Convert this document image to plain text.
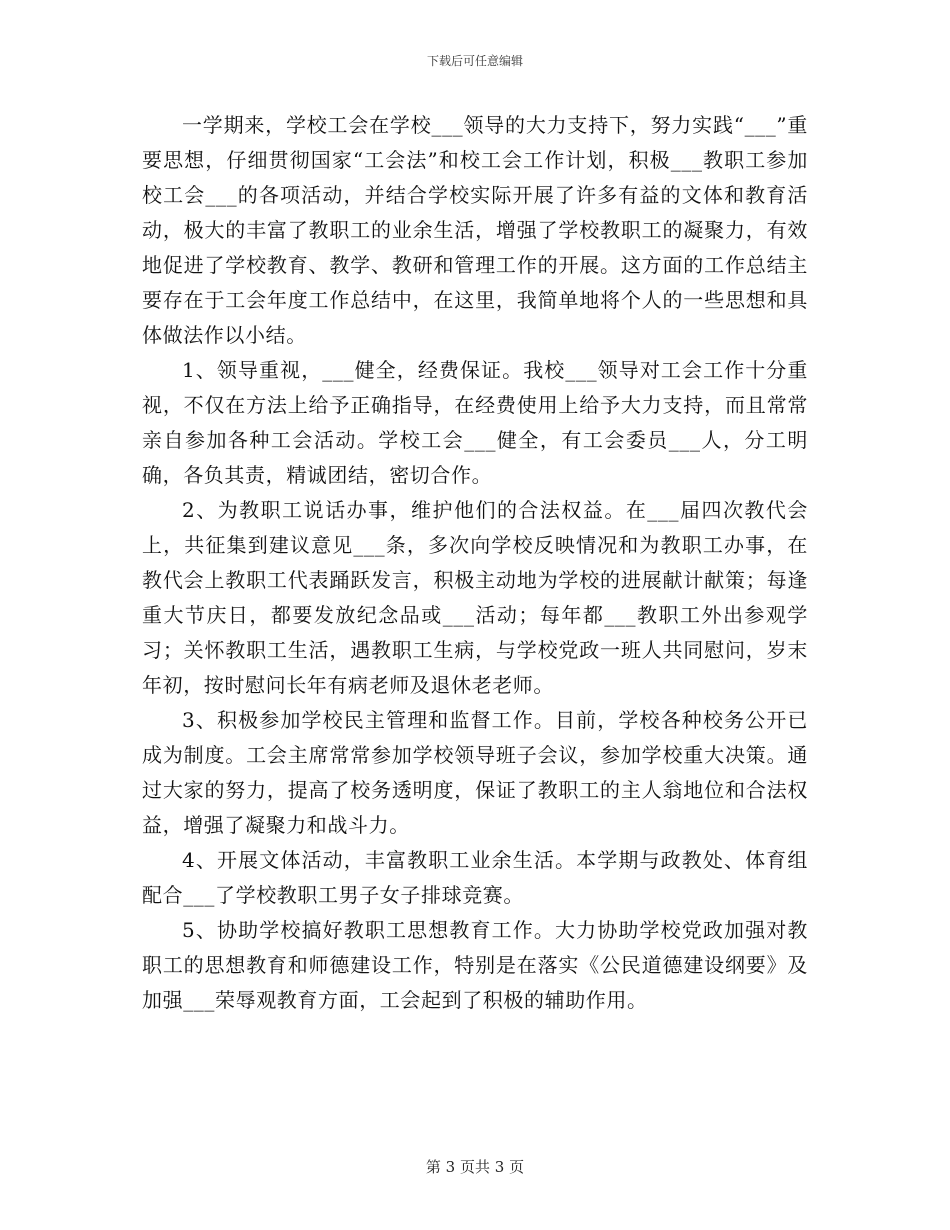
下载后可任意编辑

一学期来，学校工会在学校___领导的大力支持下，努力实践“___”重要思想，仔细贯彻国家“工会法”和校工会工作计划，积极___教职工参加校工会___的各项活动，并结合学校实际开展了许多有益的文体和教育活动，极大的丰富了教职工的业余生活，增强了学校教职工的凝聚力，有效地促进了学校教育、教学、教研和管理工作的开展。这方面的工作总结主要存在于工会年度工作总结中，在这里，我简单地将个人的一些思想和具体做法作以小结。

1、领导重视，___健全，经费保证。我校___领导对工会工作十分重视，不仅在方法上给予正确指导，在经费使用上给予大力支持，而且常常亲自参加各种工会活动。学校工会___健全，有工会委员___人，分工明确，各负其责，精诚团结，密切合作。

2、为教职工说话办事，维护他们的合法权益。在___届四次教代会上，共征集到建议意见___条，多次向学校反映情况和为教职工办事，在教代会上教职工代表踊跃发言，积极主动地为学校的进展献计献策；每逢重大节庆日，都要发放纪念品或___活动；每年都___教职工外出参观学习；关怀教职工生活，遇教职工生病，与学校党政一班人共同慰问，岁末年初，按时慰问长年有病老师及退休老老师。

3、积极参加学校民主管理和监督工作。目前，学校各种校务公开已成为制度。工会主席常常参加学校领导班子会议，参加学校重大决策。通过大家的努力，提高了校务透明度，保证了教职工的主人翁地位和合法权益，增强了凝聚力和战斗力。

4、开展文体活动，丰富教职工业余生活。本学期与政教处、体育组配合___了学校教职工男子女子排球竞赛。

5、协助学校搞好教职工思想教育工作。大力协助学校党政加强对教职工的思想教育和师德建设工作，特别是在落实《公民道德建设纲要》及加强___荣辱观教育方面，工会起到了积极的辅助作用。

第 3 页共 3 页
